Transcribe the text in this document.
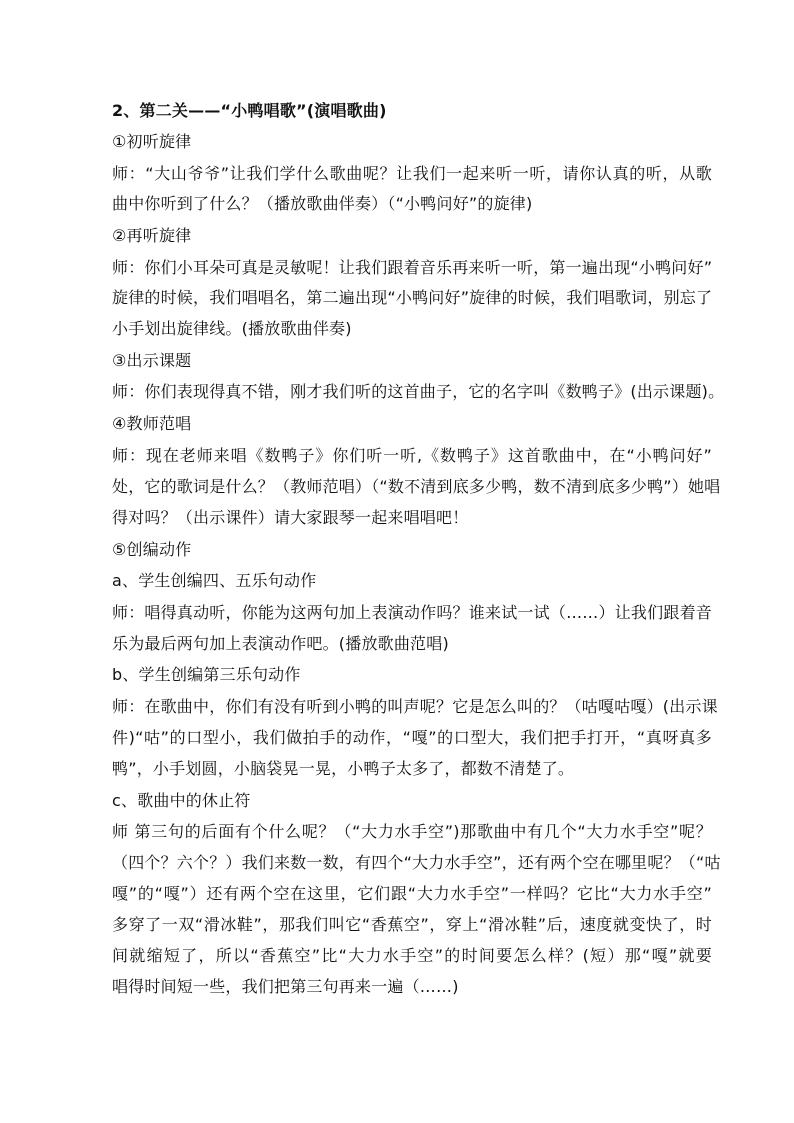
2、第二关——“小鸭唱歌”(演唱歌曲)
①初听旋律
师：“大山爷爷”让我们学什么歌曲呢？让我们一起来听一听，请你认真的听，从歌
曲中你听到了什么？（播放歌曲伴奏）（“小鸭问好”的旋律)
②再听旋律
师：你们小耳朵可真是灵敏呢！让我们跟着音乐再来听一听，第一遍出现“小鸭问好”
旋律的时候，我们唱唱名，第二遍出现“小鸭问好”旋律的时候，我们唱歌词，别忘了
小手划出旋律线。(播放歌曲伴奏)
③出示课题
师：你们表现得真不错，刚才我们听的这首曲子，它的名字叫《数鸭子》(出示课题)。
④教师范唱
师：现在老师来唱《数鸭子》你们听一听,《数鸭子》这首歌曲中，在“小鸭问好”
处，它的歌词是什么？（教师范唱）（“数不清到底多少鸭，数不清到底多少鸭”）她唱
得对吗？（出示课件）请大家跟琴一起来唱唱吧！
⑤创编动作
a、学生创编四、五乐句动作
师：唱得真动听，你能为这两句加上表演动作吗？谁来试一试（……）让我们跟着音
乐为最后两句加上表演动作吧。(播放歌曲范唱)
b、学生创编第三乐句动作
师：在歌曲中，你们有没有听到小鸭的叫声呢？它是怎么叫的？（咕嘎咕嘎）(出示课
件)“咕”的口型小，我们做拍手的动作，“嘎”的口型大，我们把手打开，“真呀真多
鸭”，小手划圆，小脑袋晃一晃，小鸭子太多了，都数不清楚了。
c、歌曲中的休止符
师 第三句的后面有个什么呢？（“大力水手空”)那歌曲中有几个“大力水手空”呢？
（四个？六个？）我们来数一数，有四个“大力水手空”，还有两个空在哪里呢？（“咕
嘎”的“嘎”）还有两个空在这里，它们跟“大力水手空”一样吗？它比“大力水手空”
多穿了一双“滑冰鞋”，那我们叫它“香蕉空”，穿上“滑冰鞋”后，速度就变快了，时
间就缩短了，所以“香蕉空”比“大力水手空”的时间要怎么样？(短）那“嘎”就要
唱得时间短一些，我们把第三句再来一遍（……)
